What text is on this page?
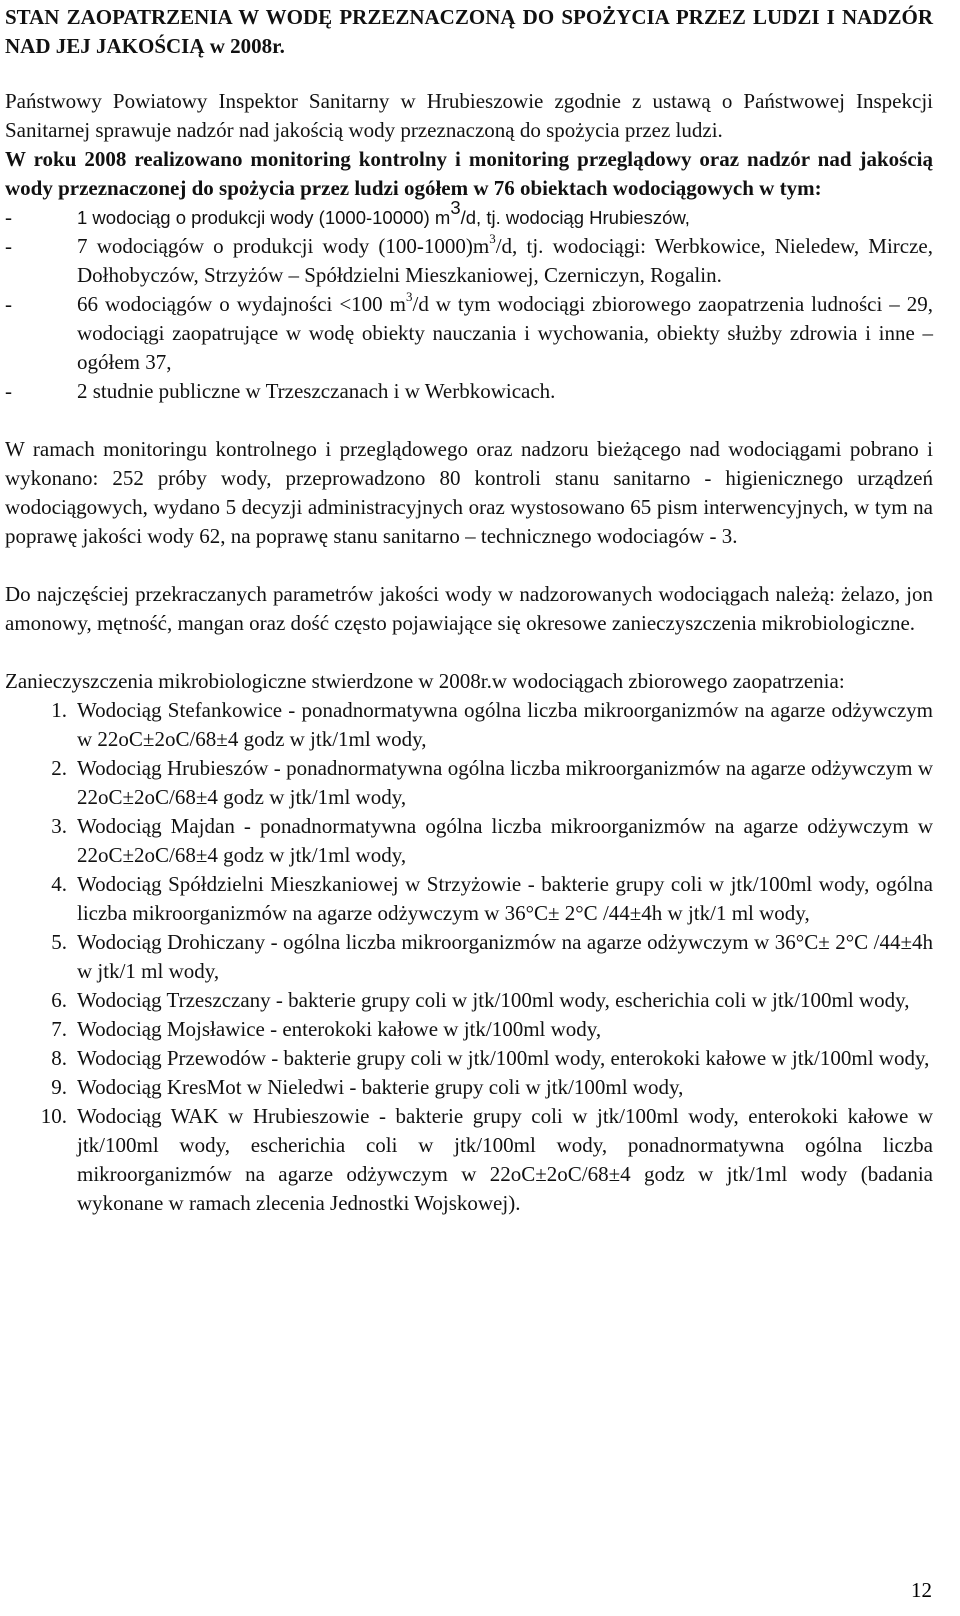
STAN ZAOPATRZENIA W WODĘ PRZEZNACZONĄ DO SPOŻYCIA PRZEZ LUDZI I NADZÓR NAD JEJ JAKOŚCIĄ w 2008r.

Państwowy Powiatowy Inspektor Sanitarny w Hrubieszowie zgodnie z ustawą o Państwowej Inspekcji Sanitarnej sprawuje nadzór nad jakością wody przeznaczoną do spożycia przez ludzi.

W roku 2008 realizowano monitoring kontrolny i monitoring przeglądowy oraz nadzór nad jakością wody przeznaczonej do spożycia przez ludzi ogółem w 76 obiektach wodociągowych w tym:

-	1 wodociąg o produkcji wody (1000-10000) $m^3/d$, tj. wodociąg Hrubieszów,
-	7 wodociągów o produkcji wody $(100-1000)m^3/d$, tj. wodociągi: Werbkowice, Nieledew, Mircze, Dołhobyczów, Strzyżów – Spółdzielni Mieszkaniowej, Czerniczyn, Rogalin.
-	66 wodociągów o wydajności <100 $m^3/d$ w tym wodociągi zbiorowego zaopatrzenia ludności – 29, wodociągi zaopatrujące w wodę obiekty nauczania i wychowania, obiekty służby zdrowia i inne – ogółem 37,
-	2 studnie publiczne w Trzeszczanach i w Werbkowicach.

W ramach monitoringu kontrolnego i przeglądowego oraz nadzoru bieżącego nad wodociągami pobrano i wykonano: 252 próby wody, przeprowadzono 80 kontroli stanu sanitarno - higienicznego urządzeń wodociągowych, wydano 5 decyzji administracyjnych oraz wystosowano 65 pism interwencyjnych, w tym na poprawę jakości wody 62, na poprawę stanu sanitarno – technicznego wodociagów - 3.

Do najczęściej przekraczanych parametrów jakości wody w nadzorowanych wodociągach należą: żelazo, jon amonowy, mętność, mangan oraz dość często pojawiające się okresowe zanieczyszczenia mikrobiologiczne.

Zanieczyszczenia mikrobiologiczne stwierdzone w 2008r.w wodociągach zbiorowego zaopatrzenia:

1. Wodociąg Stefankowice - ponadnormatywna ogólna liczba mikroorganizmów na agarze odżywczym w 22oC±2oC/68±4 godz w jtk/1ml wody,
2. Wodociąg Hrubieszów - ponadnormatywna ogólna liczba mikroorganizmów na agarze odżywczym w 22oC±2oC/68±4 godz w jtk/1ml wody,
3. Wodociąg Majdan - ponadnormatywna ogólna liczba mikroorganizmów na agarze odżywczym w 22oC±2oC/68±4 godz w jtk/1ml wody,
4. Wodociąg Spółdzielni Mieszkaniowej w Strzyżowie - bakterie grupy coli w jtk/100ml wody, ogólna liczba mikroorganizmów na agarze odżywczym w 36°C± 2°C /44±4h w jtk/1 ml wody,
5. Wodociąg Drohiczany - ogólna liczba mikroorganizmów na agarze odżywczym w 36°C± 2°C /44±4h w jtk/1 ml wody,
6. Wodociąg Trzeszczany - bakterie grupy coli w jtk/100ml wody, escherichia coli w jtk/100ml wody,
7. Wodociąg Mojsławice - enterokoki kałowe w jtk/100ml wody,
8. Wodociąg Przewodów - bakterie grupy coli w jtk/100ml wody, enterokoki kałowe w jtk/100ml wody,
9. Wodociąg KresMot w Nieledwi - bakterie grupy coli w jtk/100ml wody,
10. Wodociąg WAK w Hrubieszowie - bakterie grupy coli w jtk/100ml wody, enterokoki kałowe w jtk/100ml wody, escherichia coli w jtk/100ml wody, ponadnormatywna ogólna liczba mikroorganizmów na agarze odżywczym w 22oC±2oC/68±4 godz w jtk/1ml wody (badania wykonane w ramach zlecenia Jednostki Wojskowej).
12
